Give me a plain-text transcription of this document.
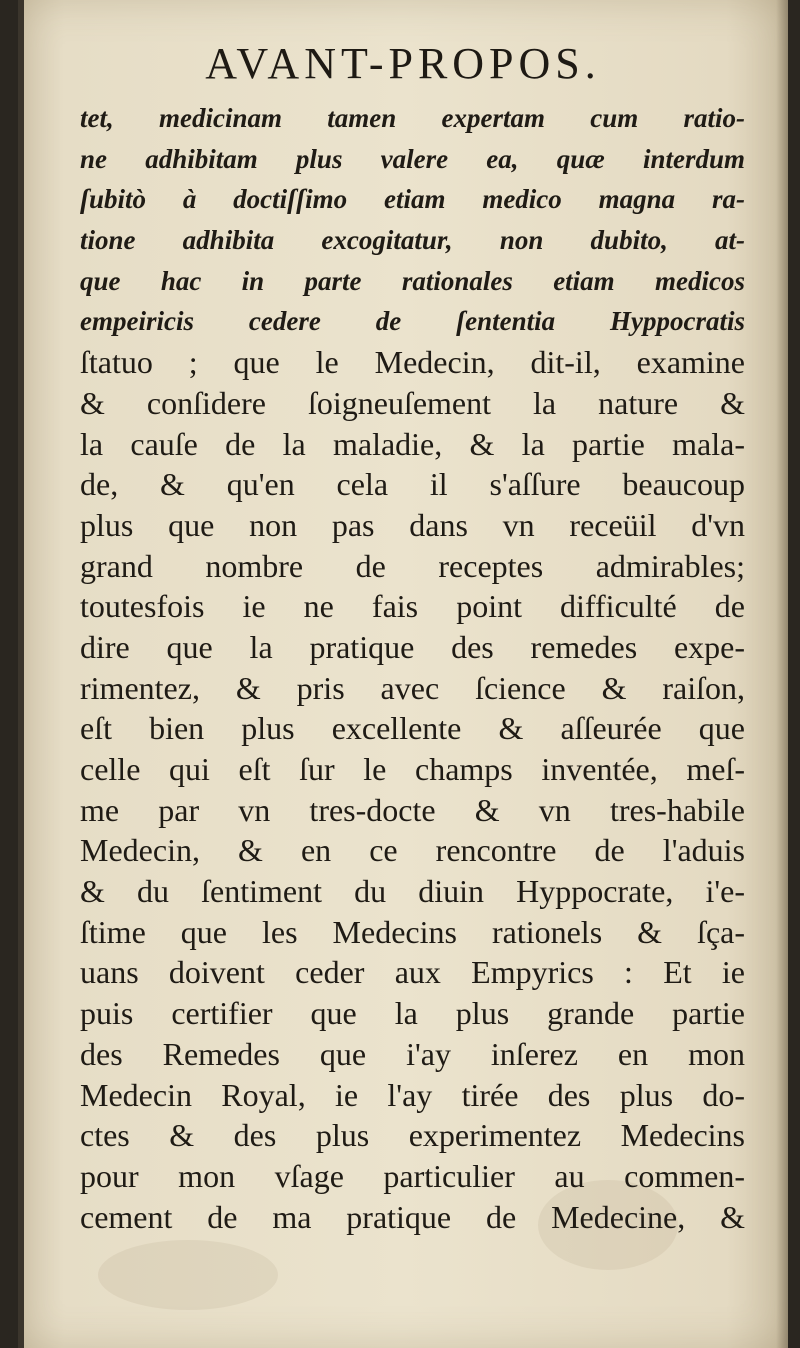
AVANT-PROPOS.
tet, medicinam tamen expertam cum ratio-
ne adhibitam plus valere ea, quæ interdum
ſubitò à doctiſſimo etiam medico magna ra-
tione adhibita excogitatur, non dubito, at-
que hac in parte rationales etiam medicos
empeiricis cedere de ſententia Hyppocratis
ſtatuo ; que le Medecin, dit-il, examine
& conſidere ſoigneuſement la nature &
la cauſe de la maladie, & la partie mala-
de, & qu'en cela il s'aſſure beaucoup
plus que non pas dans vn receüil d'vn
grand nombre de receptes admirables;
toutesfois ie ne fais point difficulté de
dire que la pratique des remedes expe-
rimentez, & pris avec ſcience & raiſon,
eſt bien plus excellente & aſſeurée que
celle qui eſt ſur le champs inventée, meſ-
me par vn tres-docte & vn tres-habile
Medecin, & en ce rencontre de l'aduis
& du ſentiment du diuin Hyppocrate, i'e-
ſtime que les Medecins rationels & ſça-
uans doivent ceder aux Empyrics : Et ie
puis certifier que la plus grande partie
des Remedes que i'ay inſerez en mon
Medecin Royal, ie l'ay tirée des plus do-
ctes & des plus experimentez Medecins
pour mon vſage particulier au commen-
cement de ma pratique de Medecine, &
